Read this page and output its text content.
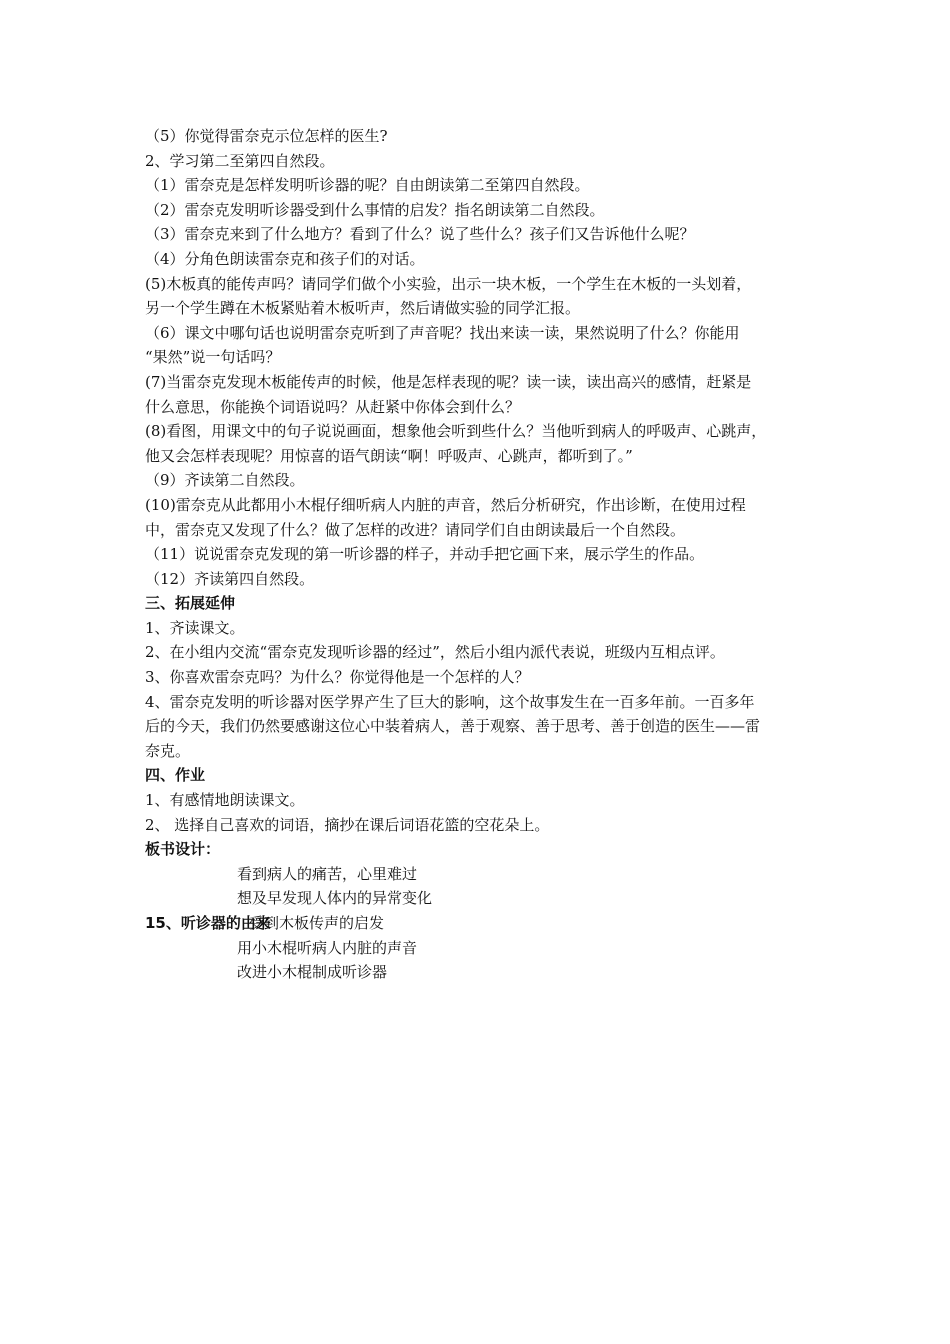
（5）你觉得雷奈克示位怎样的医生?
2、学习第二至第四自然段。
（1）雷奈克是怎样发明听诊器的呢？自由朗读第二至第四自然段。
（2）雷奈克发明听诊器受到什么事情的启发？指名朗读第二自然段。
（3）雷奈克来到了什么地方？看到了什么？说了些什么？孩子们又告诉他什么呢？
（4）分角色朗读雷奈克和孩子们的对话。
(5)木板真的能传声吗？请同学们做个小实验，出示一块木板，一个学生在木板的一头划着，
另一个学生蹲在木板紧贴着木板听声，然后请做实验的同学汇报。
（6）课文中哪句话也说明雷奈克听到了声音呢？找出来读一读，果然说明了什么？你能用
“果然”说一句话吗？
(7)当雷奈克发现木板能传声的时候，他是怎样表现的呢？读一读，读出高兴的感情，赶紧是
什么意思，你能换个词语说吗？从赶紧中你体会到什么？
(8)看图，用课文中的句子说说画面，想象他会听到些什么？当他听到病人的呼吸声、心跳声，
他又会怎样表现呢？用惊喜的语气朗读“啊！呼吸声、心跳声，都听到了。”
（9）齐读第二自然段。
(10)雷奈克从此都用小木棍仔细听病人内脏的声音，然后分析研究，作出诊断，在使用过程
中，雷奈克又发现了什么？做了怎样的改进？请同学们自由朗读最后一个自然段。
（11）说说雷奈克发现的第一听诊器的样子，并动手把它画下来，展示学生的作品。
（12）齐读第四自然段。
三、拓展延伸
1、齐读课文。
2、在小组内交流“雷奈克发现听诊器的经过”，然后小组内派代表说，班级内互相点评。
3、你喜欢雷奈克吗？为什么？你觉得他是一个怎样的人？
4、雷奈克发明的听诊器对医学界产生了巨大的影响，这个故事发生在一百多年前。一百多年
后的今天，我们仍然要感谢这位心中装着病人，善于观察、善于思考、善于创造的医生——雷
奈克。
四、作业
1、有感情地朗读课文。
2、 选择自己喜欢的词语，摘抄在课后词语花篮的空花朵上。
板书设计：
看到病人的痛苦，心里难过
想及早发现人体内的异常变化
15、听诊器的由来受到木板传声的启发
用小木棍听病人内脏的声音
改进小木棍制成听诊器
